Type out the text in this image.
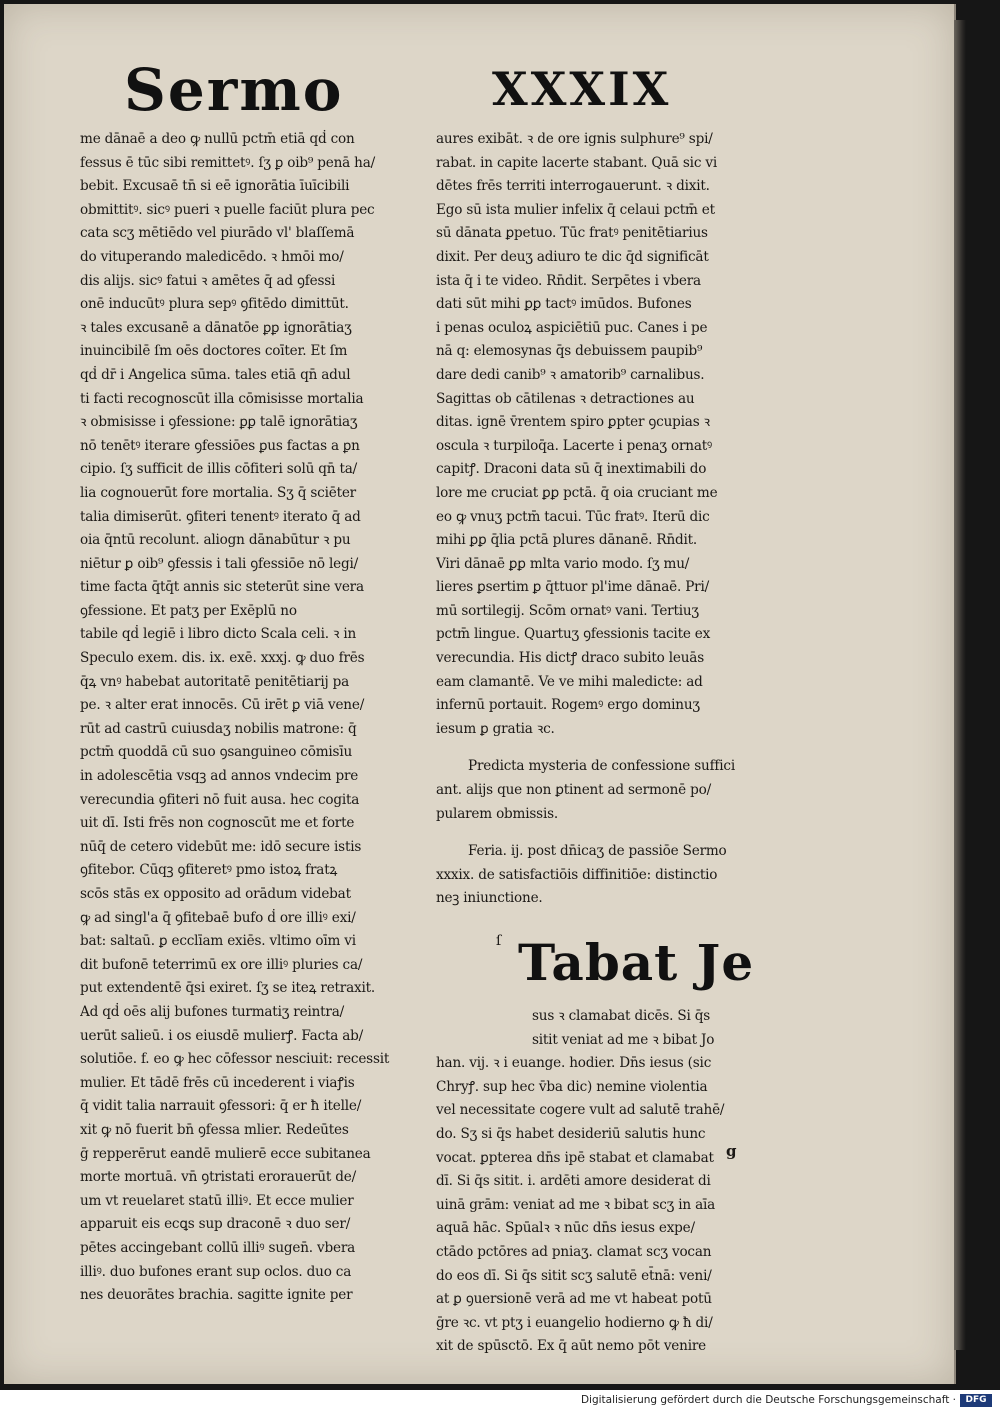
Sermo	XXXIX
me dānaē a deo ꝙ nullū pctm̄ etiā qḋ con
fessus ē tūc sibi remittetꝰ. ſʒ ꝑ oib⁹ penā ha/
bebit. Excusaē tn̄ si eē ignorātia īuīcibili
obmittitꝰ. sicꝰ pueri ꝛ puelle faciūt plura pec
cata scʒ mētiēdo vel piurādo vl' blaſſemā
do vituperando maledicēdo. ꝛ hmōi mo/
dis alijs. sicꝰ fatui ꝛ amētes q̄ ad ꝯfessi
onē inducūtꝰ plura sepꝰ ꝯfitēdo dimittūt.
ꝛ tales excusanē a dānatōe ꝑꝑ ignorātiaʒ
inuincibilē ſm oēs doctores coīter. Et ſm
qḋ dr̄ i Angelica sūma. tales etiā qn̄ adul
ti facti recognoscūt illa cōmisisse mortalia
ꝛ obmisisse i ꝯfessione: ꝑꝑ talē ignorātiaʒ
nō tenētꝰ iterare ꝯfessiōes ꝑus factas a ꝑn
cipio. ſʒ sufficit de illis cōfiteri solū qn̄ ta/
lia cognouerūt fore mortalia. Sʒ q̄ sciēter
talia dimiserūt. ꝯfiteri tenentꝰ iterato q̄ ad
oia q̄ntū recolunt. aliogn dānabūtur ꝛ pu
niētur ꝑ oib⁹ ꝯfessis i tali ꝯfessiōe nō legi/
time facta q̄tq̄t annis sic steterūt sine vera
ꝯfessione. Et patʒ per Exēplū no
tabile qḋ legiē i libro dicto Scala celi. ꝛ in
Speculo exem. dis. ix. exē. xxxj. ꝙ duo frēs
q̄ꝝ vnꝰ habebat autoritatē penitētiarij pa
pe. ꝛ alter erat innocēs. Cū irēt ꝑ viā vene/
rūt ad castrū cuiusdaʒ nobilis matrone: q̄
pctm̄ quoddā cū suo ꝯsanguineo cōmisīu
in adolescētia vsqꝫ ad annos vndecim pre
verecundia ꝯfiteri nō fuit ausa. hec cogita
uit dī. Isti frēs non cognoscūt me et forte
nūq̄ de cetero videbūt me: idō secure istis
ꝯfitebor. Cūqꝫ ꝯfiteretꝰ pmo istoꝝ fratꝝ
scōs stās ex opposito ad orādum videbat
ꝙ ad singl'a q̄ ꝯfitebaē bufo ḋ ore illiꝰ exi/
bat: saltaū. ꝑ ecclīam exiēs. vltimo oīm vi
dit bufonē teterrimū ex ore illiꝰ pluries ca/
put extendentē q̄si exiret. ſʒ se iteꝝ retraxit.
Ad qḋ oēs alij bufones turmatiʒ reintra/
uerūt salieū. i os eiusdē mulierꝭ. Facta ab/
solutiōe. f. eo ꝙ hec cōfessor nesciuit: recessit
mulier. Et tādē frēs cū incederent i viaꝭis
q̄ vidit talia narrauit ꝯfessori: q̄ er ħ itelle/
xit ꝙ nō fuerit bn̄ ꝯfessa mlier. Redeūtes
ḡ repperērut eandē mulierē ecce subitanea
morte mortuā. vn̄ ꝯtristati erorauerūt de/
um vt reuelaret statū illiꝰ. Et ecce mulier
apparuit eis ecꝗs sup draconē ꝛ duo ser/
pētes accingebant collū illiꝰ sugen̄. vbera
illiꝰ. duo bufones erant sup oclos. duo ca
nes deuorātes brachia. sagitte ignite per
aures exibāt. ꝛ de ore ignis sulphure⁹ spi/
rabat. in capite lacerte stabant. Quā sic vi
dētes frēs territi interrogauerunt. ꝛ dixit.
Ego sū ista mulier infelix q̄ celaui pctm̄ et
sū dānata ꝑpetuo. Tūc fratꝰ penitētiarius
dixit. Per deuʒ adiuro te dic q̄d significāt
ista q̄ i te video. Rn̄dit. Serpētes i vbera
dati sūt mihi ꝑꝑ tactꝰ imūdos. Bufones
i penas oculoꝝ aspiciētiū puc. Canes i pe
nā q: elemosynas q̄s debuissem paupib⁹
dare dedi canib⁹ ꝛ amatorib⁹ carnalibus.
Sagittas ob cātilenas ꝛ detractiones au
ditas. ignē v̄rentem spiro ꝑpter ꝯcupias ꝛ
oscula ꝛ turpiloq̄a. Lacerte i penaʒ ornatꝰ
capitꝭ. Draconi data sū q̄ inextimabili do
lore me cruciat ꝑꝑ pctā. q̄ oia cruciant me
eo ꝙ vnuʒ pctm̄ tacui. Tūc fratꝰ. Iterū dic
mihi ꝑꝑ q̄lia pctā plures dānanē. Rn̄dit.
Viri dānaē ꝑꝑ mlta vario modo. ſʒ mu/
lieres ꝑsertim ꝑ q̄ttuor pl'ime dānaē. Pri/
mū sortilegij. Scōm ornatꝰ vani. Tertiuʒ
pctm̄ lingue. Quartuʒ ꝯfessionis tacite ex
verecundia. His dictꝭ draco subito leuās
eam clamantē. Ve ve mihi maledicte: ad
infernū portauit. Rogemꝰ ergo dominuʒ
iesum ꝑ gratia ꝛc.
Predicta mysteria de confessione suffici
ant. alijs que non ꝑtinent ad sermonē po/
pularem obmissis.
Feria. ij. post dn̄icaʒ de passiōe Sermo
xxxix. de satisfactiōis diffinitiōe: distinctio
neꝫ iniunctione.
ſ Tabat Je
sus ꝛ clamabat dicēs. Si q̄s
sitit veniat ad me ꝛ bibat Jo
han. vij. ꝛ i euange. hodier. Dn̄s iesus (sic
Chryꝭ. sup hec v̄ba dic) nemine violentia
vel necessitate cogere vult ad salutē trahē/
do. Sʒ si q̄s habet desideriū salutis hunc
vocat. ꝑpterea dn̄s ipē stabat et clamabat
dī. Si q̄s sitit. i. ardēti amore desiderat di
uinā grām: veniat ad me ꝛ bibat scʒ in aīa
aquā hāc. Spūalꝛ ꝛ nūc dn̄s iesus expe/
ctādo pctōres ad pniaʒ. clamat scʒ vocan
do eos dī. Si q̄s sitit scʒ salutē et̄nā: veni/
at ꝑ ꝯuersionē verā ad me vt habeat potū
ḡre ꝛc. vt ptʒ i euangelio hodierno ꝙ ħ di/
xit de spūsctō. Ex q̄ aūt nemo pōt venire
g
Digitalisierung gefördert durch die Deutsche Forschungsgemeinschaft ·	DFG
